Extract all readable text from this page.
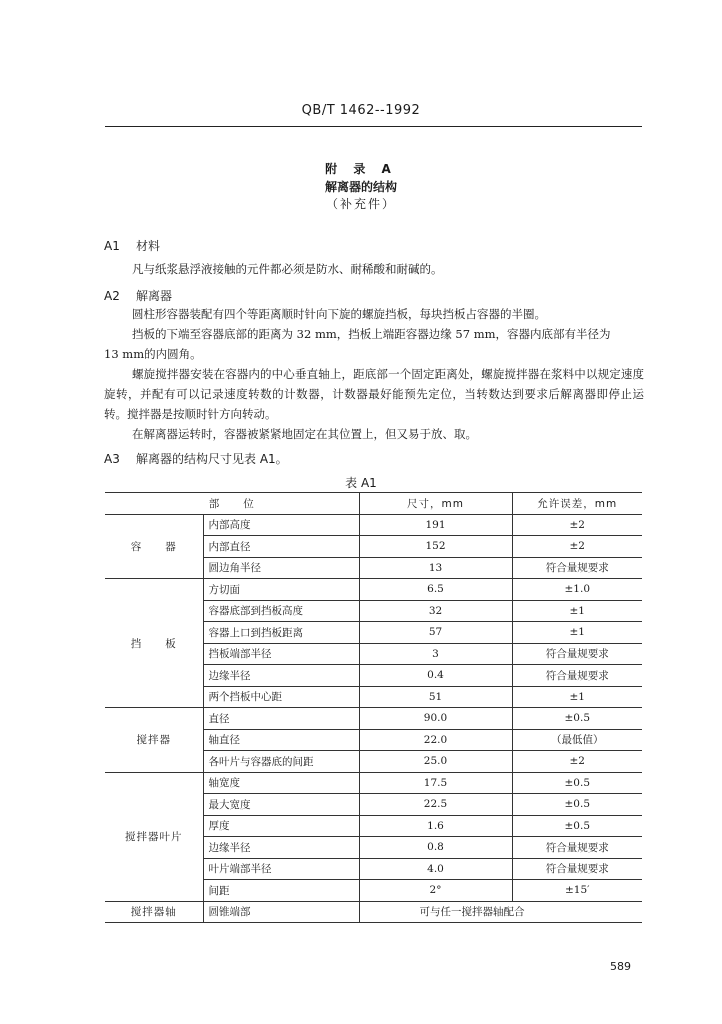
QB/T 1462--1992
附 录 A
解离器的结构
（补充件）
A1 材料

凡与纸浆悬浮液接触的元件都必须是防水、耐稀酸和耐碱的。

A2 解离器

圆柱形容器装配有四个等距离顺时针向下旋的螺旋挡板，每块挡板占容器的半圈。

挡板的下端至容器底部的距离为 32 mm，挡板上端距容器边缘 57 mm，容器内底部有半径为

13 mm的内圆角。

螺旋搅拌器安装在容器内的中心垂直轴上，距底部一个固定距离处，螺旋搅拌器在浆料中以规定速度旋转，并配有可以记录速度转数的计数器，计数器最好能预先定位，当转数达到要求后解离器即停止运转。搅拌器是按顺时针方向转动。

在解离器运转时，容器被紧紧地固定在其位置上，但又易于放、取。

A3 解离器的结构尺寸见表 A1。
表 A1
部　　位		尺寸，mm	允许误差，mm
容　　器	内部高度	191	±2
	内部直径	152	±2
	圆边角半径	13	符合量规要求
挡　　板	方切面	6.5	±1.0
	容器底部到挡板高度	32	±1
	容器上口到挡板距离	57	±1
	挡板端部半径	3	符合量规要求
	边缘半径	0.4	符合量规要求
	两个挡板中心距	51	±1
搅拌器	直径	90.0	±0.5
	轴直径	22.0	（最低值）
	各叶片与容器底的间距	25.0	±2
搅拌器叶片	轴宽度	17.5	±0.5
	最大宽度	22.5	±0.5
	厚度	1.6	±0.5
	边缘半径	0.8	符合量规要求
	叶片端部半径	4.0	符合量规要求
	间距	2°	±15′
搅拌器轴	圆锥端部	可与任一搅拌器轴配合	
589
